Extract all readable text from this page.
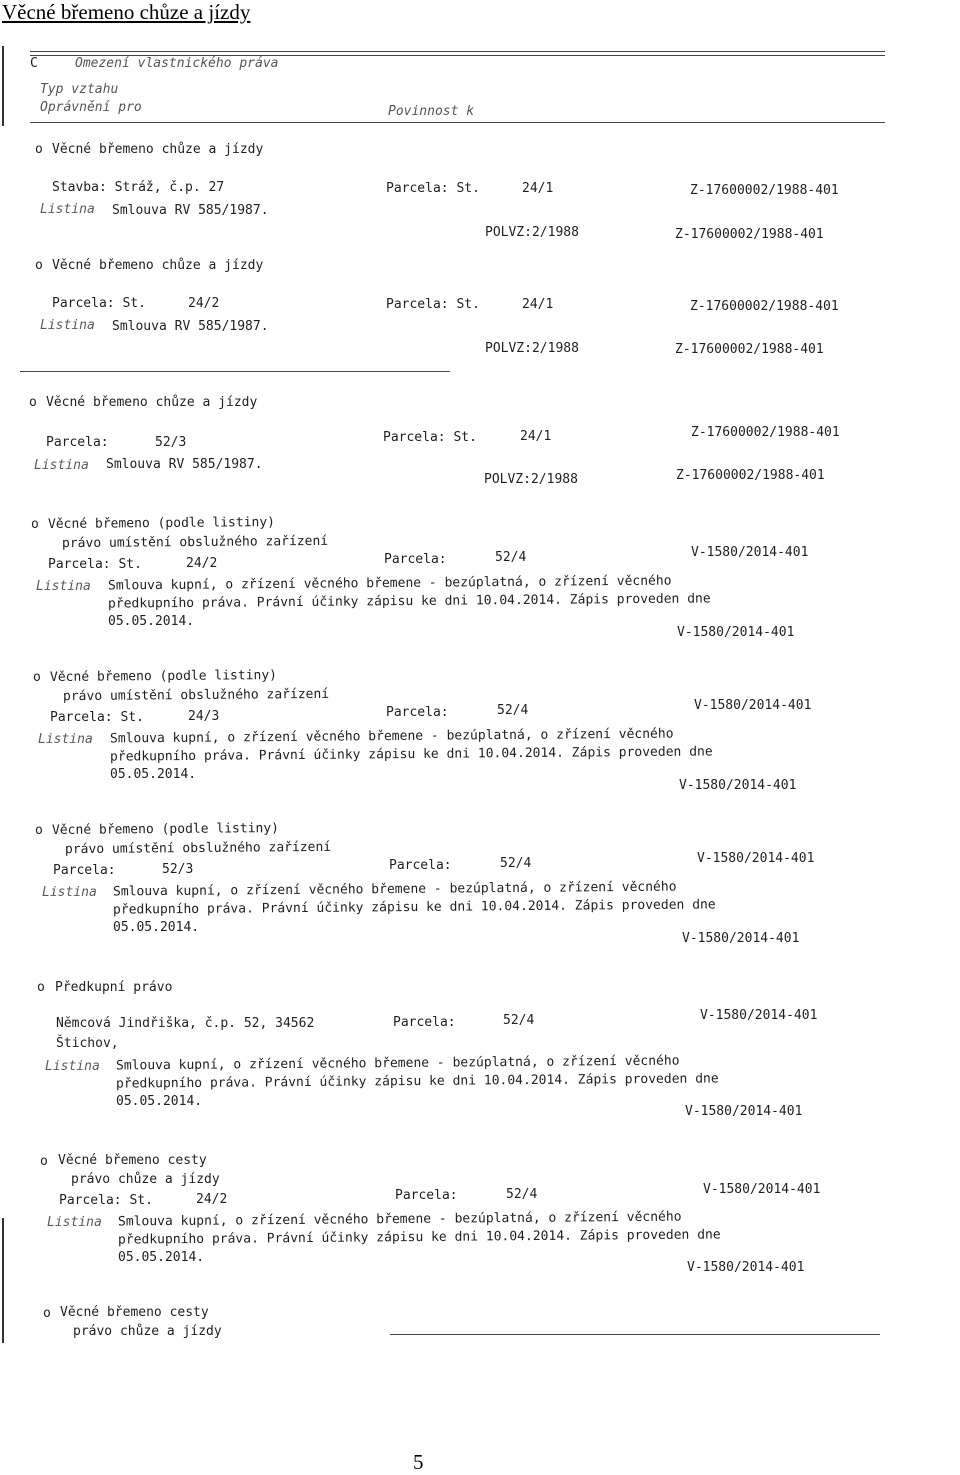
Věcné břemeno chůze a jízdy
C	Omezení vlastnického práva
Typ vztahu
Oprávnění pro	Povinnost k
o Věcné břemeno chůze a jízdy
Stavba: Stráž, č.p. 27	Parcela: St.	24/1	Z-17600002/1988-401
Listina Smlouva RV 585/1987.
POLVZ:2/1988	Z-17600002/1988-401
o Věcné břemeno chůze a jízdy
Parcela: St.	24/2	Parcela: St.	24/1	Z-17600002/1988-401
Listina Smlouva RV 585/1987.
POLVZ:2/1988	Z-17600002/1988-401
o Věcné břemeno chůze a jízdy
Parcela:	52/3	Parcela: St.	24/1	Z-17600002/1988-401
Listina Smlouva RV 585/1987.
POLVZ:2/1988	Z-17600002/1988-401
o Věcné břemeno (podle listiny)
právo umístění obslužného zařízení
Parcela: St.	24/2	Parcela:	52/4	V-1580/2014-401
Listina Smlouva kupní, o zřízení věcného břemene - bezúplatná, o zřízení věcného
předkupního práva. Právní účinky zápisu ke dni 10.04.2014. Zápis proveden dne
05.05.2014.
V-1580/2014-401
o Věcné břemeno (podle listiny)
právo umístění obslužného zařízení
Parcela: St.	24/3	Parcela:	52/4	V-1580/2014-401
Listina Smlouva kupní, o zřízení věcného břemene - bezúplatná, o zřízení věcného
předkupního práva. Právní účinky zápisu ke dni 10.04.2014. Zápis proveden dne
05.05.2014.
V-1580/2014-401
o Věcné břemeno (podle listiny)
právo umístění obslužného zařízení
Parcela:	52/3	Parcela:	52/4	V-1580/2014-401
Listina Smlouva kupní, o zřízení věcného břemene - bezúplatná, o zřízení věcného
předkupního práva. Právní účinky zápisu ke dni 10.04.2014. Zápis proveden dne
05.05.2014.
V-1580/2014-401
o Předkupní právo
Němcová Jindřiška, č.p. 52, 34562
Štichov,
Parcela:	52/4	V-1580/2014-401
Listina Smlouva kupní, o zřízení věcného břemene - bezúplatná, o zřízení věcného
předkupního práva. Právní účinky zápisu ke dni 10.04.2014. Zápis proveden dne
05.05.2014.
V-1580/2014-401
o Věcné břemeno cesty
právo chůze a jízdy
Parcela: St.	24/2	Parcela:	52/4	V-1580/2014-401
Listina Smlouva kupní, o zřízení věcného břemene - bezúplatná, o zřízení věcného
předkupního práva. Právní účinky zápisu ke dni 10.04.2014. Zápis proveden dne
05.05.2014.
V-1580/2014-401
o Věcné břemeno cesty
právo chůze a jízdy
5
